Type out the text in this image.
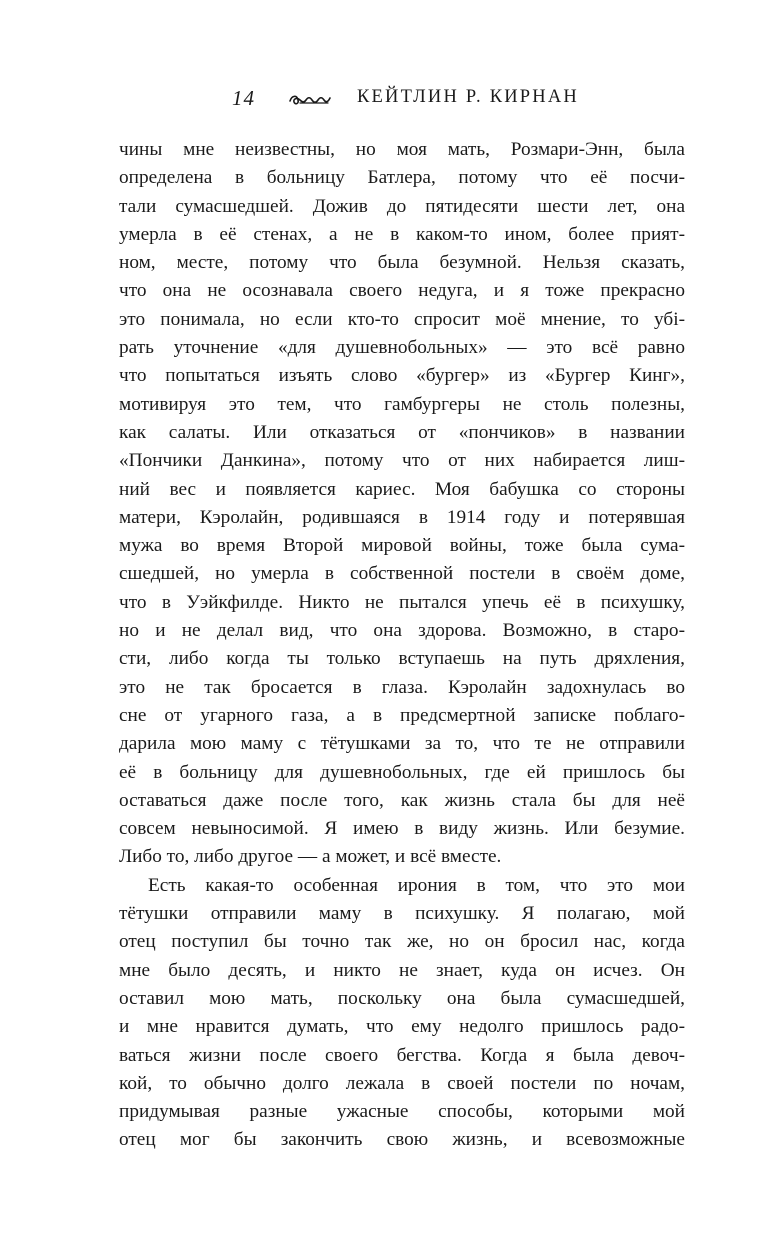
14	КЕЙТЛИН Р. КИРНАН
чины мне неизвестны, но моя мать, Розмари-Энн, была
определена в больницу Батлера, потому что её посчи-
тали сумасшедшей. Дожив до пятидесяти шести лет, она
умерла в её стенах, а не в каком-то ином, более прият-
ном, месте, потому что была безумной. Нельзя сказать,
что она не осознавала своего недуга, и я тоже прекрасно
это понимала, но если кто-то спросит моё мнение, то убі-
рать уточнение «для душевнобольных» — это всё равно
что попытаться изъять слово «бургер» из «Бургер Кинг»,
мотивируя это тем, что гамбургеры не столь полезны,
как салаты. Или отказаться от «пончиков» в названии
«Пончики Данкина», потому что от них набирается лиш-
ний вес и появляется кариес. Моя бабушка со стороны
матери, Кэролайн, родившаяся в 1914 году и потерявшая
мужа во время Второй мировой войны, тоже была сума-
сшедшей, но умерла в собственной постели в своём доме,
что в Уэйкфилде. Никто не пытался упечь её в психушку,
но и не делал вид, что она здорова. Возможно, в старо-
сти, либо когда ты только вступаешь на путь дряхления,
это не так бросается в глаза. Кэролайн задохнулась во
сне от угарного газа, а в предсмертной записке поблаго-
дарила мою маму с тётушками за то, что те не отправили
её в больницу для душевнобольных, где ей пришлось бы
оставаться даже после того, как жизнь стала бы для неё
совсем невыносимой. Я имею в виду жизнь. Или безумие.
Либо то, либо другое — а может, и всё вместе.
Есть какая-то особенная ирония в том, что это мои
тётушки отправили маму в психушку. Я полагаю, мой
отец поступил бы точно так же, но он бросил нас, когда
мне было десять, и никто не знает, куда он исчез. Он
оставил мою мать, поскольку она была сумасшедшей,
и мне нравится думать, что ему недолго пришлось радо-
ваться жизни после своего бегства. Когда я была девоч-
кой, то обычно долго лежала в своей постели по ночам,
придумывая разные ужасные способы, которыми мой
отец мог бы закончить свою жизнь, и всевозможные
